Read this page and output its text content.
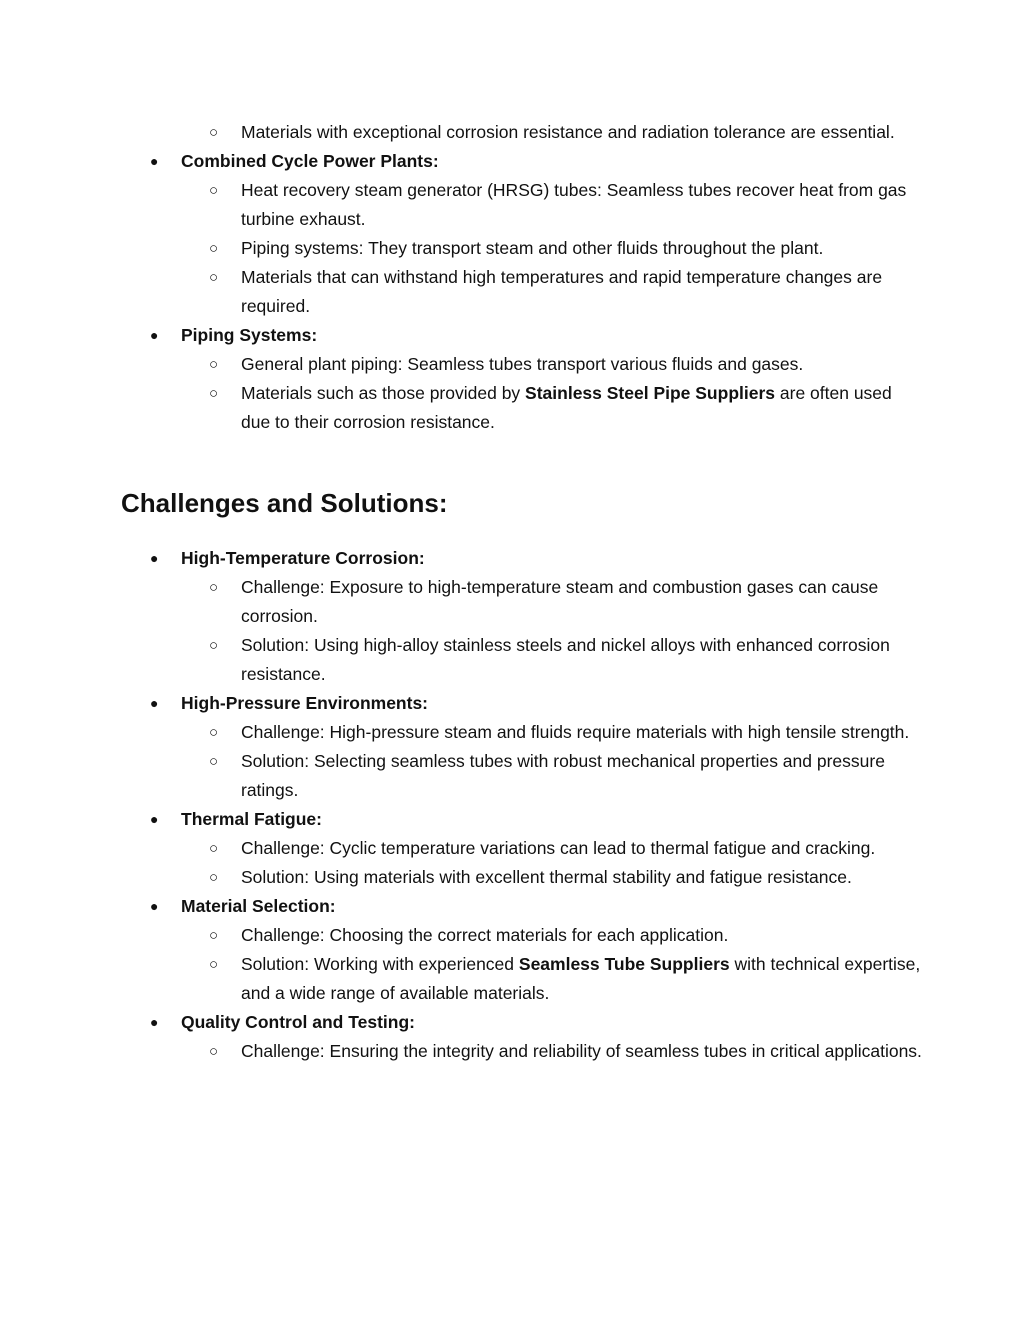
○ Materials with exceptional corrosion resistance and radiation tolerance are essential.
● Combined Cycle Power Plants:
○ Heat recovery steam generator (HRSG) tubes: Seamless tubes recover heat from gas turbine exhaust.
○ Piping systems: They transport steam and other fluids throughout the plant.
○ Materials that can withstand high temperatures and rapid temperature changes are required.
● Piping Systems:
○ General plant piping: Seamless tubes transport various fluids and gases.
○ Materials such as those provided by Stainless Steel Pipe Suppliers are often used due to their corrosion resistance.
Challenges and Solutions:
● High-Temperature Corrosion:
○ Challenge: Exposure to high-temperature steam and combustion gases can cause corrosion.
○ Solution: Using high-alloy stainless steels and nickel alloys with enhanced corrosion resistance.
● High-Pressure Environments:
○ Challenge: High-pressure steam and fluids require materials with high tensile strength.
○ Solution: Selecting seamless tubes with robust mechanical properties and pressure ratings.
● Thermal Fatigue:
○ Challenge: Cyclic temperature variations can lead to thermal fatigue and cracking.
○ Solution: Using materials with excellent thermal stability and fatigue resistance.
● Material Selection:
○ Challenge: Choosing the correct materials for each application.
○ Solution: Working with experienced Seamless Tube Suppliers with technical expertise, and a wide range of available materials.
● Quality Control and Testing:
○ Challenge: Ensuring the integrity and reliability of seamless tubes in critical applications.
